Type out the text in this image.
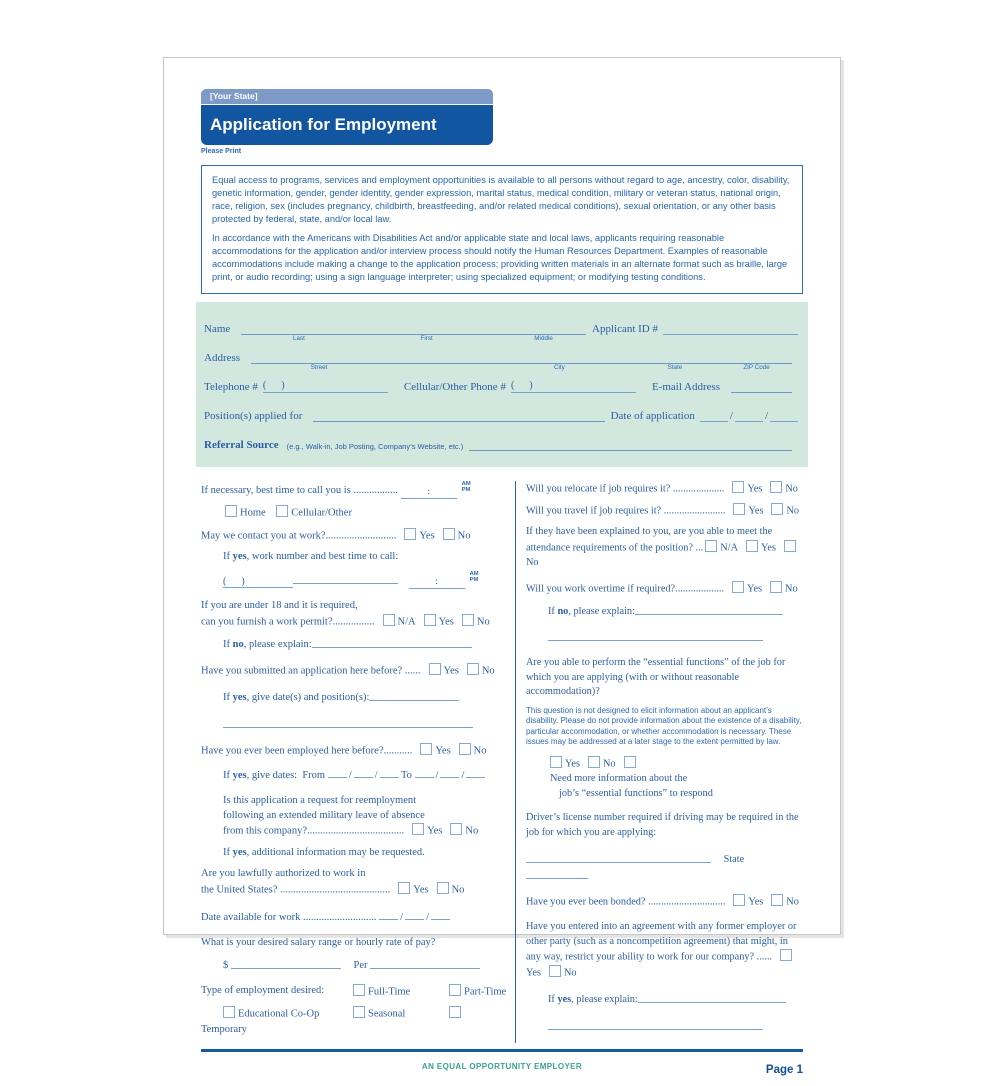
[Your State]
Application for Employment
Please Print

Equal access to programs, services and employment opportunities is available to all persons without regard to age, ancestry, color, disability, genetic information, gender, gender identity, gender expression, marital status, medical condition, military or veteran status, national origin, race, religion, sex (includes pregnancy, childbirth, breastfeeding, and/or related medical conditions), sexual orientation, or any other basis protected by federal, state, and/or local law.

In accordance with the Americans with Disabilities Act and/or applicable state and local laws, applicants requiring reasonable accommodations for the application and/or interview process should notify the Human Resources Department. Examples of reasonable accommodations include making a change to the application process; providing written materials in an alternate format such as braille, large print, or audio recording; using a sign language interpreter; using specialized equipment; or modifying testing conditions.

Name
Last	First	Middle
Applicant ID #
Address
Street	City	State	ZIP Code
Telephone # (      )	Cellular/Other Phone # (      )	E-mail Address
Position(s) applied for	Date of application	/	/
Referral Source (e.g., Walk-in, Job Posting, Company’s Website, etc.)
If necessary, best time to call you is .................	:
AM
PM
Home Cellular/Other
May we contact you at work?........................... Yes No
If yes, work number and best time to call:
(      )	:
AM
PM
If you are under 18 and it is required,
can you furnish a work permit?................ N/A Yes No
If no, please explain:
Have you submitted an application here before? ...... Yes No
If yes, give date(s) and position(s):
Have you ever been employed here before?........... Yes No
If yes, give dates:  From / / To / /
Is this application a request for reemployment
following an extended military leave of absence
from this company?..................................... Yes No
If yes, additional information may be requested.
Are you lawfully authorized to work in
the United States? .......................................... Yes No
Date available for work ............................ / /
What is your desired salary range or hourly rate of pay?
$	Per
Type of employment desired:	Full-Time	Part-Time
Educational Co-Op	SeasonalTemporary
Will you relocate if job requires it? .................... Yes No
Will you travel if job requires it? ........................ Yes No
If they have been explained to you, are you able to meet the
attendance requirements of the position? ... N/A YesNo
Will you work overtime if required?................... Yes No
If no, please explain:
Are you able to perform the “essential functions” of the job for which you are applying (with or without reasonable accommodation)?
This question is not designed to elicit information about an applicant’s disability. Please do not provide information about the existence of a disability, particular accommodation, or whether accommodation is necessary. These issues may be addressed at a later stage to the extent permitted by law.
Yes No
Need more information about the
job’s “essential functions” to respond
Driver’s license number required if driving may be required in the job for which you are applying:
State
Have you ever been bonded? .............................. Yes No
Have you entered into an agreement with any former employer or other party (such as a noncompetition agreement) that might, in any way, restrict your ability to work for our company? ......Yes No
If yes, please explain:
AN EQUAL OPPORTUNITY EMPLOYER	Page 1
